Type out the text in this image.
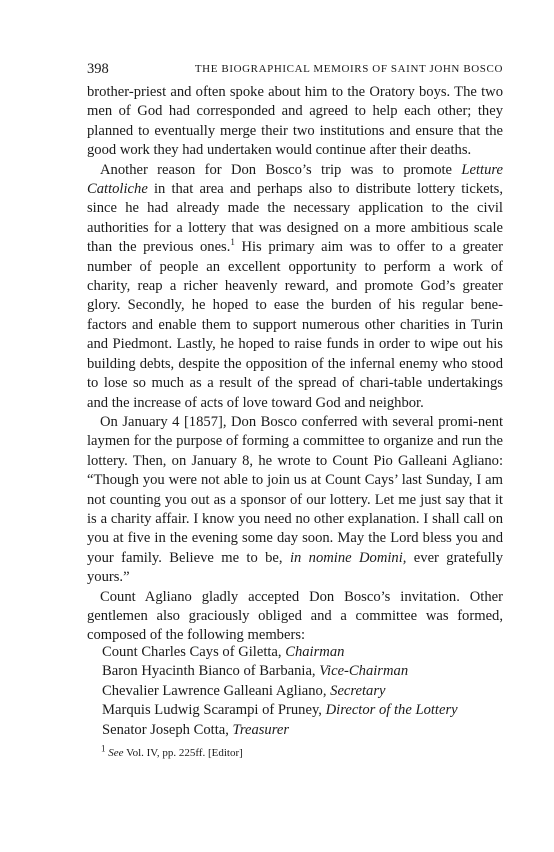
398	THE BIOGRAPHICAL MEMOIRS OF SAINT JOHN BOSCO

brother-priest and often spoke about him to the Oratory boys. The two men of God had corresponded and agreed to help each other; they planned to eventually merge their two institutions and ensure that the good work they had undertaken would continue after their deaths.

Another reason for Don Bosco’s trip was to promote Letture Cattoliche in that area and perhaps also to distribute lottery tickets, since he had already made the necessary application to the civil authorities for a lottery that was designed on a more ambitious scale than the previous ones.$^1$ His primary aim was to offer to a greater number of people an excellent opportunity to perform a work of charity, reap a richer heavenly reward, and promote God’s greater glory. Secondly, he hoped to ease the burden of his regular bene-factors and enable them to support numerous other charities in Turin and Piedmont. Lastly, he hoped to raise funds in order to wipe out his building debts, despite the opposition of the infernal enemy who stood to lose so much as a result of the spread of chari-table undertakings and the increase of acts of love toward God and neighbor.

On January 4 [1857], Don Bosco conferred with several promi-nent laymen for the purpose of forming a committee to organize and run the lottery. Then, on January 8, he wrote to Count Pio Galleani Agliano: “Though you were not able to join us at Count Cays’ last Sunday, I am not counting you out as a sponsor of our lottery. Let me just say that it is a charity affair. I know you need no other explanation. I shall call on you at five in the evening some day soon. May the Lord bless you and your family. Believe me to be, in nomine Domini, ever gratefully yours.”

Count Agliano gladly accepted Don Bosco’s invitation. Other gentlemen also graciously obliged and a committee was formed, composed of the following members:

Count Charles Cays of Giletta, Chairman
Baron Hyacinth Bianco of Barbania, Vice-Chairman
Chevalier Lawrence Galleani Agliano, Secretary
Marquis Ludwig Scarampi of Pruney, Director of the Lottery
Senator Joseph Cotta, Treasurer
$^1$ See Vol. IV, pp. 225ff. [Editor]
